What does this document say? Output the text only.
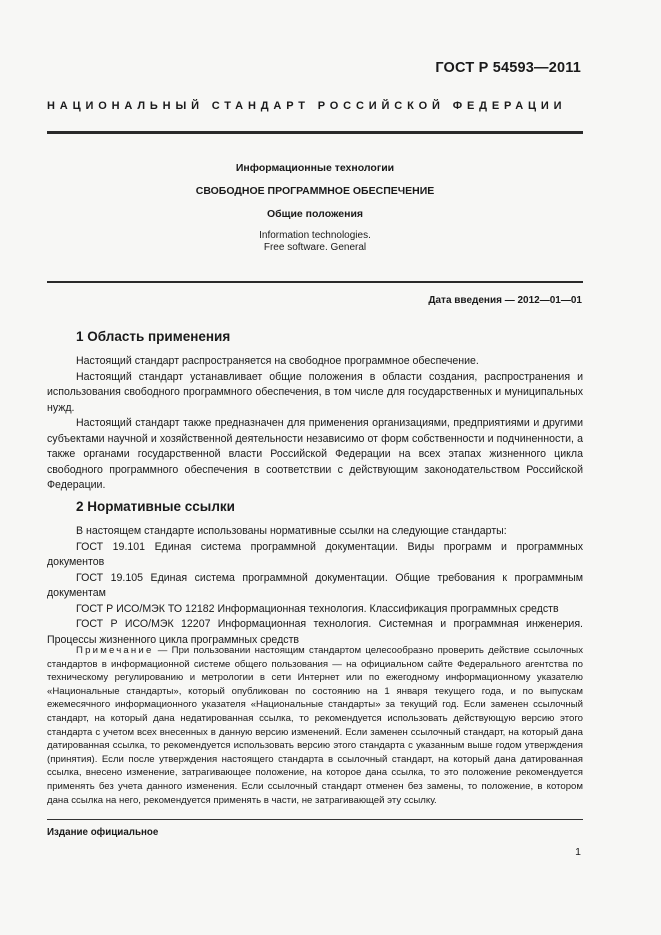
ГОСТ Р 54593—2011
НАЦИОНАЛЬНЫЙ СТАНДАРТ РОССИЙСКОЙ ФЕДЕРАЦИИ
Информационные технологии
СВОБОДНОЕ ПРОГРАММНОЕ ОБЕСПЕЧЕНИЕ
Общие положения
Information technologies.
Free software. General
Дата введения — 2012—01—01
1 Область применения

Настоящий стандарт распространяется на свободное программное обеспечение.

Настоящий стандарт устанавливает общие положения в области создания, распространения и использования свободного программного обеспечения, в том числе для государственных и муниципальных нужд.

Настоящий стандарт также предназначен для применения организациями, предприятиями и другими субъектами научной и хозяйственной деятельности независимо от форм собственности и подчиненности, а также органами государственной власти Российской Федерации на всех этапах жизненного цикла свободного программного обеспечения в соответствии с действующим законодательством Российской Федерации.

2 Нормативные ссылки

В настоящем стандарте использованы нормативные ссылки на следующие стандарты:

ГОСТ 19.101 Единая система программной документации. Виды программ и программных документов

ГОСТ 19.105 Единая система программной документации. Общие требования к программным документам

ГОСТ Р ИСО/МЭК ТО 12182 Информационная технология. Классификация программных средств

ГОСТ Р ИСО/МЭК 12207 Информационная технология. Системная и программная инженерия. Процессы жизненного цикла программных средств

Примечание — При пользовании настоящим стандартом целесообразно проверить действие ссылочных стандартов в информационной системе общего пользования — на официальном сайте Федерального агентства по техническому регулированию и метрологии в сети Интернет или по ежегодному информационному указателю «Национальные стандарты», который опубликован по состоянию на 1 января текущего года, и по выпускам ежемесячного информационного указателя «Национальные стандарты» за текущий год. Если заменен ссылочный стандарт, на который дана недатированная ссылка, то рекомендуется использовать действующую версию этого стандарта с учетом всех внесенных в данную версию изменений. Если заменен ссылочный стандарт, на который дана датированная ссылка, то рекомендуется использовать версию этого стандарта с указанным выше годом утверждения (принятия). Если после утверждения настоящего стандарта в ссылочный стандарт, на который дана датированная ссылка, внесено изменение, затрагивающее положение, на которое дана ссылка, то это положение рекомендуется применять без учета данного изменения. Если ссылочный стандарт отменен без замены, то положение, в котором дана ссылка на него, рекомендуется применять в части, не затрагивающей эту ссылку.

Издание официальное
1
